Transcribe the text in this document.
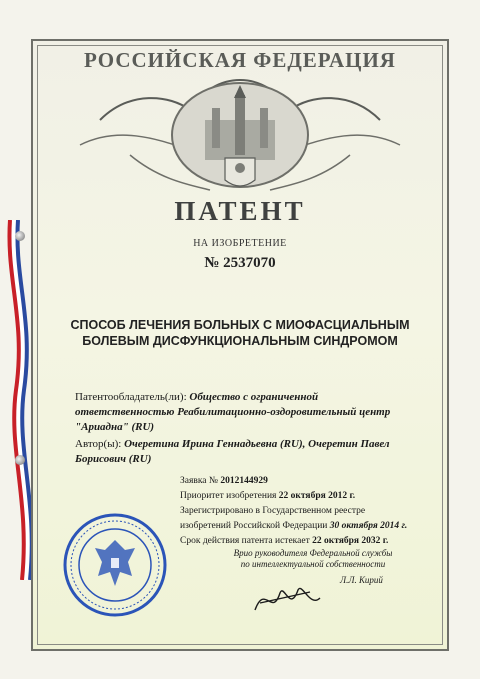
РОССИЙСКАЯ ФЕДЕРАЦИЯ
ПАТЕНТ
НА ИЗОБРЕТЕНИЕ
№ 2537070
СПОСОБ ЛЕЧЕНИЯ БОЛЬНЫХ С МИОФАСЦИАЛЬНЫМ
БОЛЕВЫМ ДИСФУНКЦИОНАЛЬНЫМ СИНДРОМОМ
Патентообладатель(ли): Общество с ограниченной ответственностью Реабилитационно-оздоровительный центр "Ариадна" (RU)
Автор(ы): Очеретина Ирина Геннадьевна (RU), Очеретин Павел Борисович (RU)
Заявка № 2012144929
Приоритет изобретения 22 октября 2012 г.
Зарегистрировано в Государственном реестре
изобретений Российской Федерации 30 октября 2014 г.
Срок действия патента истекает 22 октября 2032 г.
Врио руководителя Федеральной службы
по интеллектуальной собственности
Л.Л. Кирий
